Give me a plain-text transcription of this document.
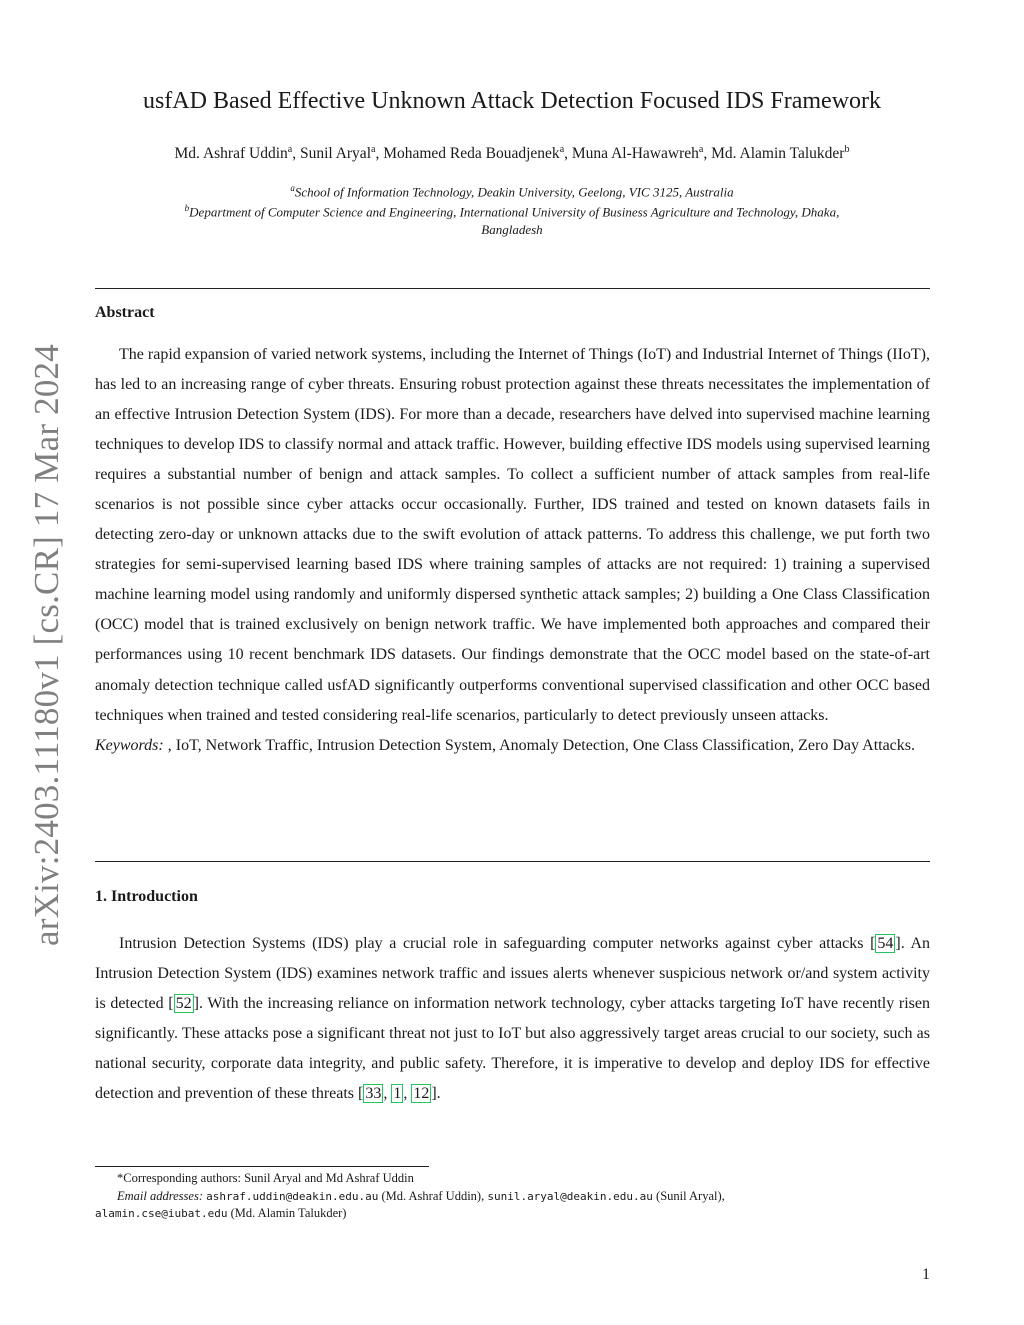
arXiv:2403.11180v1 [cs.CR] 17 Mar 2024
usfAD Based Effective Unknown Attack Detection Focused IDS Framework
Md. Ashraf Uddin$^a$, Sunil Aryal$^a$, Mohamed Reda Bouadjenek$^a$, Muna Al-Hawawreh$^a$, Md. Alamin Talukder$^b$
$^a$School of Information Technology, Deakin University, Geelong, VIC 3125, Australia
$^b$Department of Computer Science and Engineering, International University of Business Agriculture and Technology, Dhaka,
Bangladesh
Abstract
The rapid expansion of varied network systems, including the Internet of Things (IoT) and Industrial Internet of Things (IIoT), has led to an increasing range of cyber threats. Ensuring robust protection against these threats necessitates the implementation of an effective Intrusion Detection System (IDS). For more than a decade, researchers have delved into supervised machine learning techniques to develop IDS to classify normal and attack traffic. However, building effective IDS models using supervised learning requires a substantial number of benign and attack samples. To collect a sufficient number of attack samples from real-life scenarios is not possible since cyber attacks occur occasionally. Further, IDS trained and tested on known datasets fails in detecting zero-day or unknown attacks due to the swift evolution of attack patterns. To address this challenge, we put forth two strategies for semi-supervised learning based IDS where training samples of attacks are not required: 1) training a supervised machine learning model using randomly and uniformly dispersed synthetic attack samples; 2) building a One Class Classification (OCC) model that is trained exclusively on benign network traffic. We have implemented both approaches and compared their performances using 10 recent benchmark IDS datasets. Our findings demonstrate that the OCC model based on the state-of-art anomaly detection technique called usfAD significantly outperforms conventional supervised classification and other OCC based techniques when trained and tested considering real-life scenarios, particularly to detect previously unseen attacks.
Keywords: , IoT, Network Traffic, Intrusion Detection System, Anomaly Detection, One Class Classification, Zero Day Attacks.
1. Introduction
Intrusion Detection Systems (IDS) play a crucial role in safeguarding computer networks against cyber attacks [ 54 ]. An Intrusion Detection System (IDS) examines network traffic and issues alerts whenever suspicious network or/and system activity is detected [ 52 ]. With the increasing reliance on information network technology, cyber attacks targeting IoT have recently risen significantly. These attacks pose a significant threat not just to IoT but also aggressively target areas crucial to our society, such as national security, corporate data integrity, and public safety. Therefore, it is imperative to develop and deploy IDS for effective detection and prevention of these threats [ 33 , 1 , 12 ].
*Corresponding authors: Sunil Aryal and Md Ashraf Uddin
Email addresses: ashraf.uddin@deakin.edu.au (Md. Ashraf Uddin), sunil.aryal@deakin.edu.au (Sunil Aryal),
alamin.cse@iubat.edu (Md. Alamin Talukder)
1
